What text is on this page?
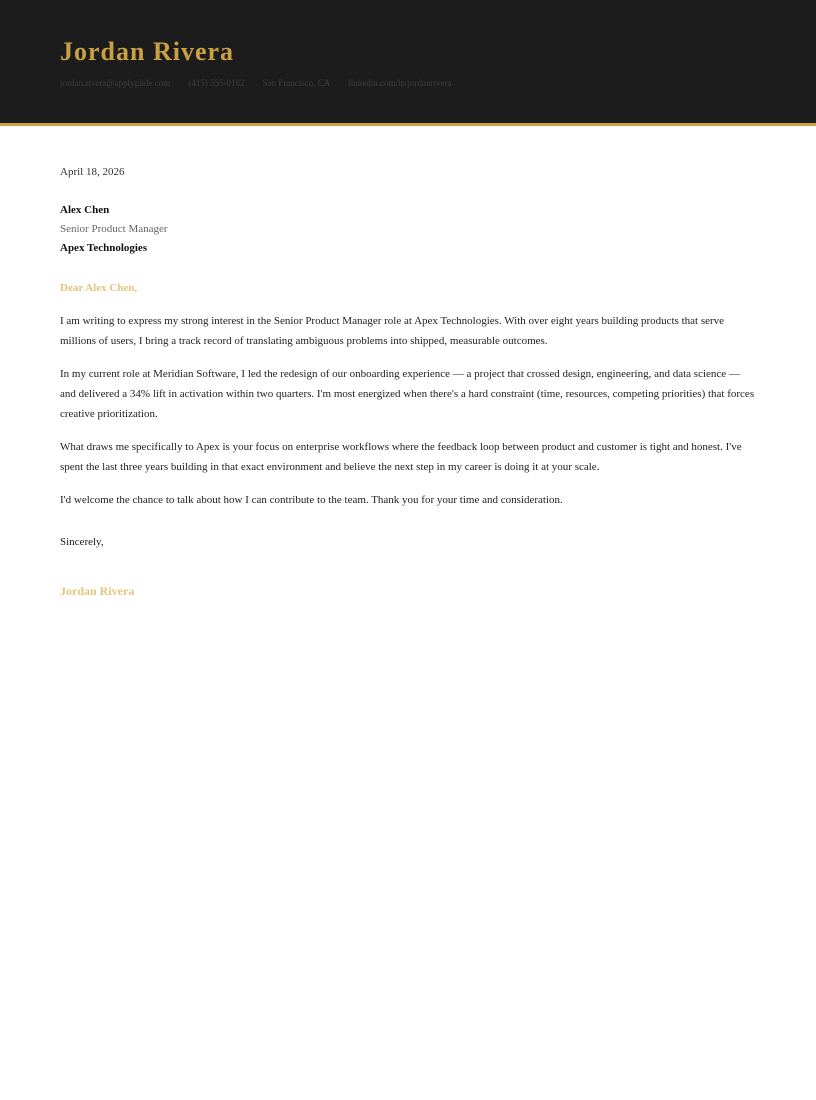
Jordan Rivera
jordan.rivera@applyglide.com (415) 555-0182 San Francisco, CA linkedin.com/in/jordanrivera
April 18, 2026
Alex Chen
Senior Product Manager
Apex Technologies
Dear Alex Chen,

I am writing to express my strong interest in the Senior Product Manager role at Apex Technologies. With over eight years building products that serve millions of users, I bring a track record of translating ambiguous problems into shipped, measurable outcomes.

In my current role at Meridian Software, I led the redesign of our onboarding experience — a project that crossed design, engineering, and data science — and delivered a 34% lift in activation within two quarters. I'm most energized when there's a hard constraint (time, resources, competing priorities) that forces creative prioritization.

What draws me specifically to Apex is your focus on enterprise workflows where the feedback loop between product and customer is tight and honest. I've spent the last three years building in that exact environment and believe the next step in my career is doing it at your scale.

I'd welcome the chance to talk about how I can contribute to the team. Thank you for your time and consideration.

Sincerely,
Jordan Rivera
